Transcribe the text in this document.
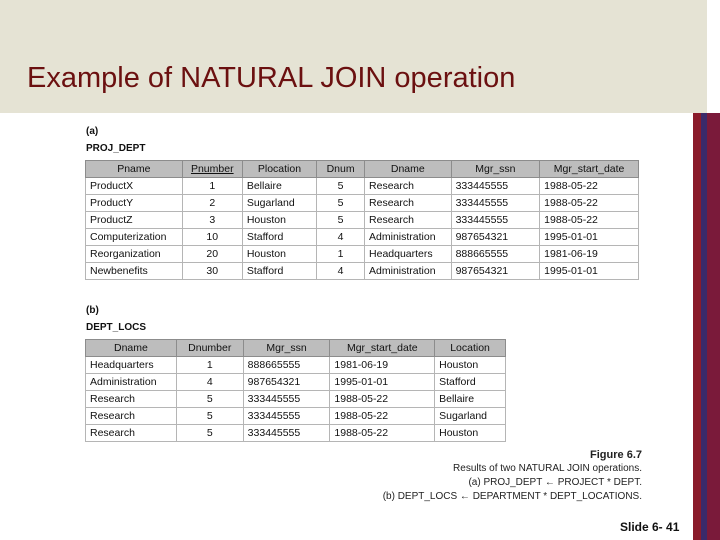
Example of NATURAL JOIN operation
(a)
PROJ_DEPT
Pname	Pnumber	Plocation	Dnum	Dname	Mgr_ssn	Mgr_start_date
ProductX	1	Bellaire	5	Research	333445555	1988-05-22
ProductY	2	Sugarland	5	Research	333445555	1988-05-22
ProductZ	3	Houston	5	Research	333445555	1988-05-22
Computerization	10	Stafford	4	Administration	987654321	1995-01-01
Reorganization	20	Houston	1	Headquarters	888665555	1981-06-19
Newbenefits	30	Stafford	4	Administration	987654321	1995-01-01
(b)
DEPT_LOCS
Dname	Dnumber	Mgr_ssn	Mgr_start_date	Location
Headquarters	1	888665555	1981-06-19	Houston
Administration	4	987654321	1995-01-01	Stafford
Research	5	333445555	1988-05-22	Bellaire
Research	5	333445555	1988-05-22	Sugarland
Research	5	333445555	1988-05-22	Houston
Figure 6.7
Results of two NATURAL JOIN operations.
(a) PROJ_DEPT ← PROJECT * DEPT.
(b) DEPT_LOCS ← DEPARTMENT * DEPT_LOCATIONS.
Slide 6- 41
